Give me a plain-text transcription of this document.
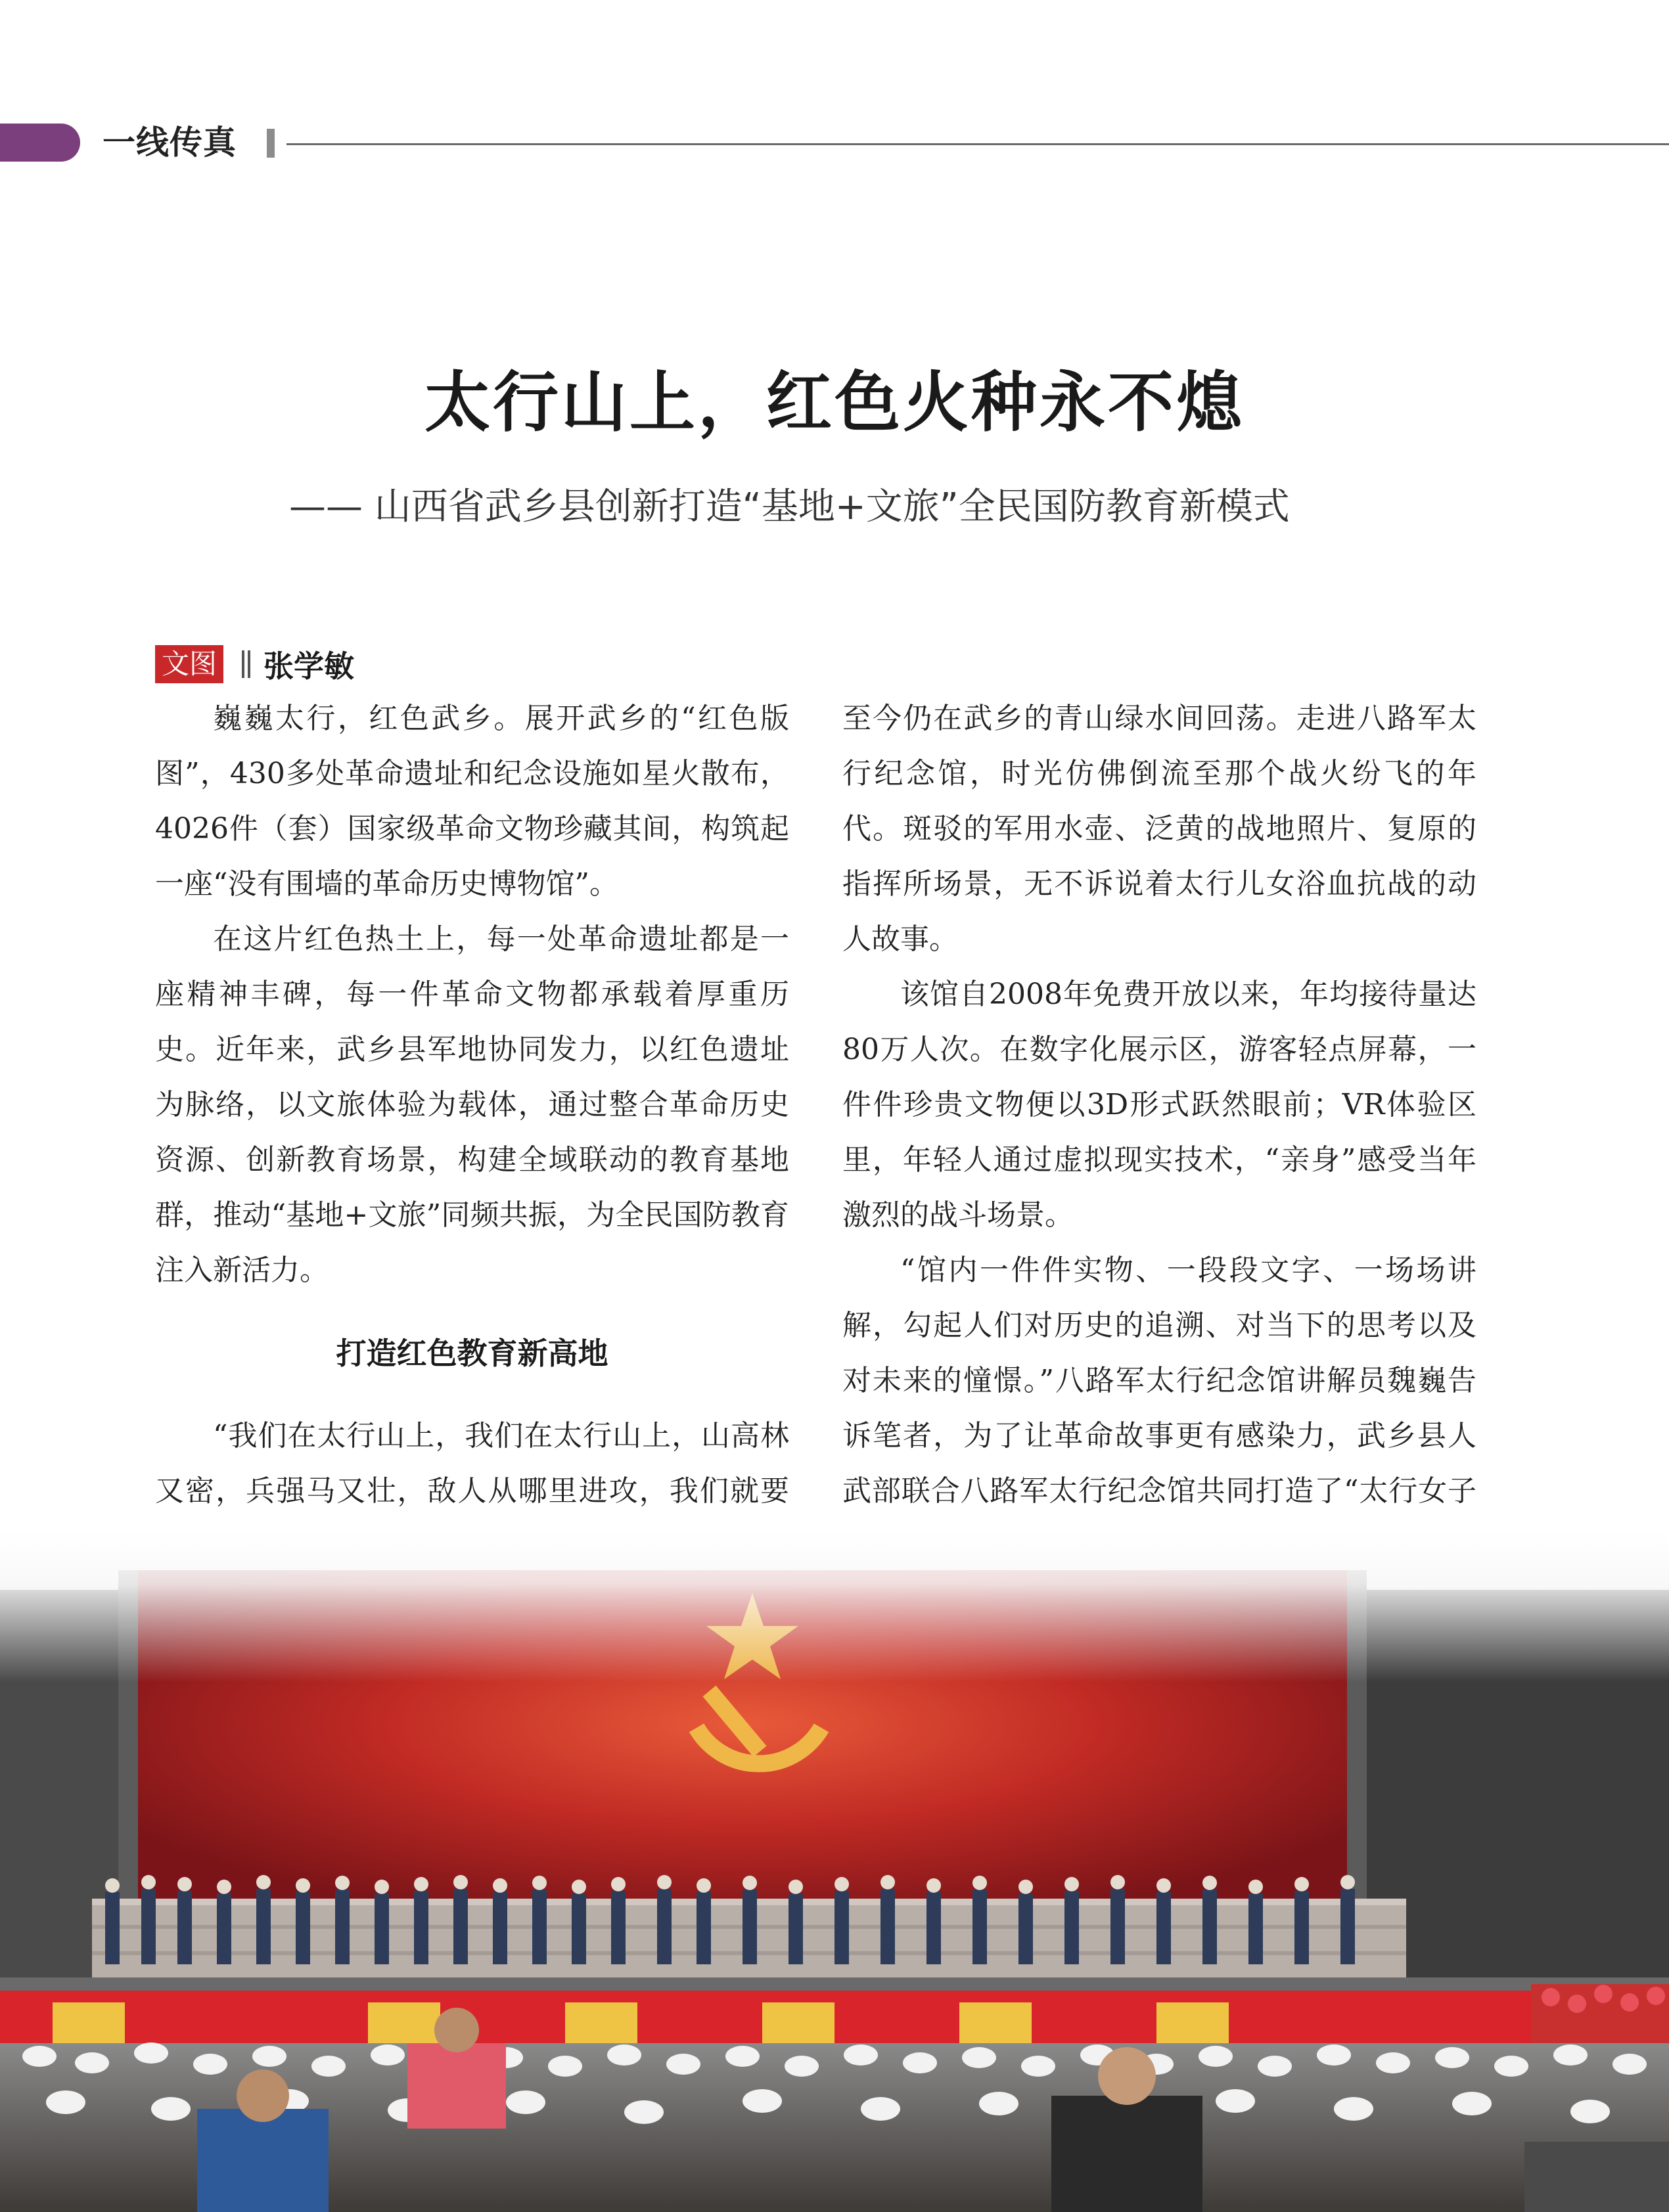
一线传真
太行山上，红色火种永不熄
—— 山西省武乡县创新打造“基地+文旅”全民国防教育新模式
文图 张学敏

巍巍太行，红色武乡。展开武乡的“红色版图”，430多处革命遗址和纪念设施如星火散布，4026件（套）国家级革命文物珍藏其间，构筑起一座“没有围墙的革命历史博物馆”。

在这片红色热土上，每一处革命遗址都是一座精神丰碑，每一件革命文物都承载着厚重历史。近年来，武乡县军地协同发力，以红色遗址为脉络，以文旅体验为载体，通过整合革命历史资源、创新教育场景，构建全域联动的教育基地群，推动“基地+文旅”同频共振，为全民国防教育注入新活力。

打造红色教育新高地

“我们在太行山上，我们在太行山上，山高林又密，兵强马又壮，敌人从哪里进攻，我们就要

至今仍在武乡的青山绿水间回荡。走进八路军太行纪念馆，时光仿佛倒流至那个战火纷飞的年代。斑驳的军用水壶、泛黄的战地照片、复原的指挥所场景，无不诉说着太行儿女浴血抗战的动人故事。

该馆自2008年免费开放以来，年均接待量达80万人次。在数字化展示区，游客轻点屏幕，一件件珍贵文物便以3D形式跃然眼前；VR体验区里，年轻人通过虚拟现实技术，“亲身”感受当年激烈的战斗场景。

“馆内一件件实物、一段段文字、一场场讲解，勾起人们对历史的追溯、对当下的思考以及对未来的憧憬。”八路军太行纪念馆讲解员魏巍告诉笔者，为了让革命故事更有感染力，武乡县人武部联合八路军太行纪念馆共同打造了“太行女子
